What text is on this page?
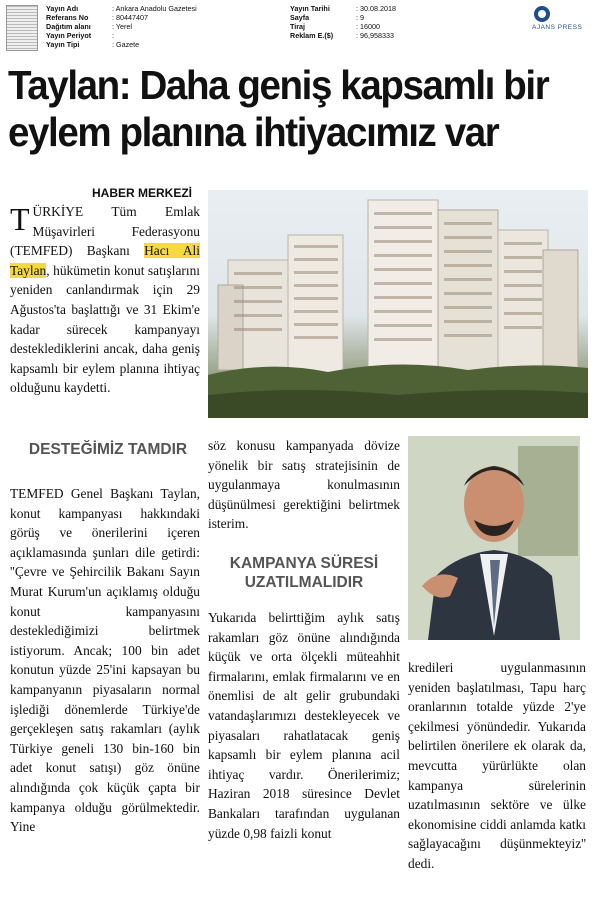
Yayın Adı	: Ankara Anadolu Gazetesi
Referans No	: 80447407
Dağıtım alanı	: Yerel
Yayın Periyot	:
Yayın Tipi	: Gazete
Yayın Tarihi	: 30.08.2018
Sayfa	: 9
Tiraj	: 16000
Reklam E.($)	: 96,958333
AJANS PRESS
Taylan: Daha geniş kapsamlı bir eylem planına ihtiyacımız var
HABER MERKEZİ
TÜRKİYE Tüm Emlak Müşavirleri Federasyonu (TEMFED) Başkanı Hacı Ali Taylan, hükümetin konut satışlarını yeniden canlandırmak için 29 Ağustos'ta başlattığı ve 31 Ekim'e kadar sürecek kampanyayı desteklediklerini ancak, daha geniş kapsamlı bir eylem planına ihtiyaç olduğunu kaydetti.
DESTEĞİMİZ TAMDIR
TEMFED Genel Başkanı Taylan, konut kampanyası hakkındaki görüş ve önerilerini içeren açıklamasında şunları dile getirdi: ''Çevre ve Şehircilik Bakanı Sayın Murat Kurum'un açıklamış olduğu konut kampanyasını desteklediğimizi belirtmek istiyorum. Ancak; 100 bin adet konutun yüzde 25'ini kapsayan bu kampanyanın piyasaların normal işlediği dönemlerde Türkiye'de gerçekleşen satış rakamları (aylık Türkiye geneli 130 bin-160 bin adet konut satışı) göz önüne alındığında çok küçük çapta bir kampanya olduğu görülmektedir. Yine
söz konusu kampanyada dövize yönelik bir satış stratejisinin de uygulanmaya konulmasının düşünülmesi gerektiğini belirtmek isterim.
KAMPANYA SÜRESİ UZATILMALIDIR
Yukarıda belirttiğim aylık satış rakamları göz önüne alındığında küçük ve orta ölçekli müteahhit firmalarını, emlak firmalarını ve en önemlisi de alt gelir grubundaki vatandaşlarımızı destekleyecek ve piyasaları rahatlatacak geniş kapsamlı bir eylem planına acil ihtiyaç vardır. Önerilerimiz; Haziran 2018 süresince Devlet Bankaları tarafından uygulanan yüzde 0,98 faizli konut
kredileri uygulanmasının yeniden başlatılması, Tapu harç oranlarının totalde yüzde 2'ye çekilmesi yönündedir. Yukarıda belirtilen önerilere ek olarak da, mevcutta yürürlükte olan kampanya sürelerinin uzatılmasının sektöre ve ülke ekonomisine ciddi anlamda katkı sağlayacağını düşünmekteyiz'' dedi.
